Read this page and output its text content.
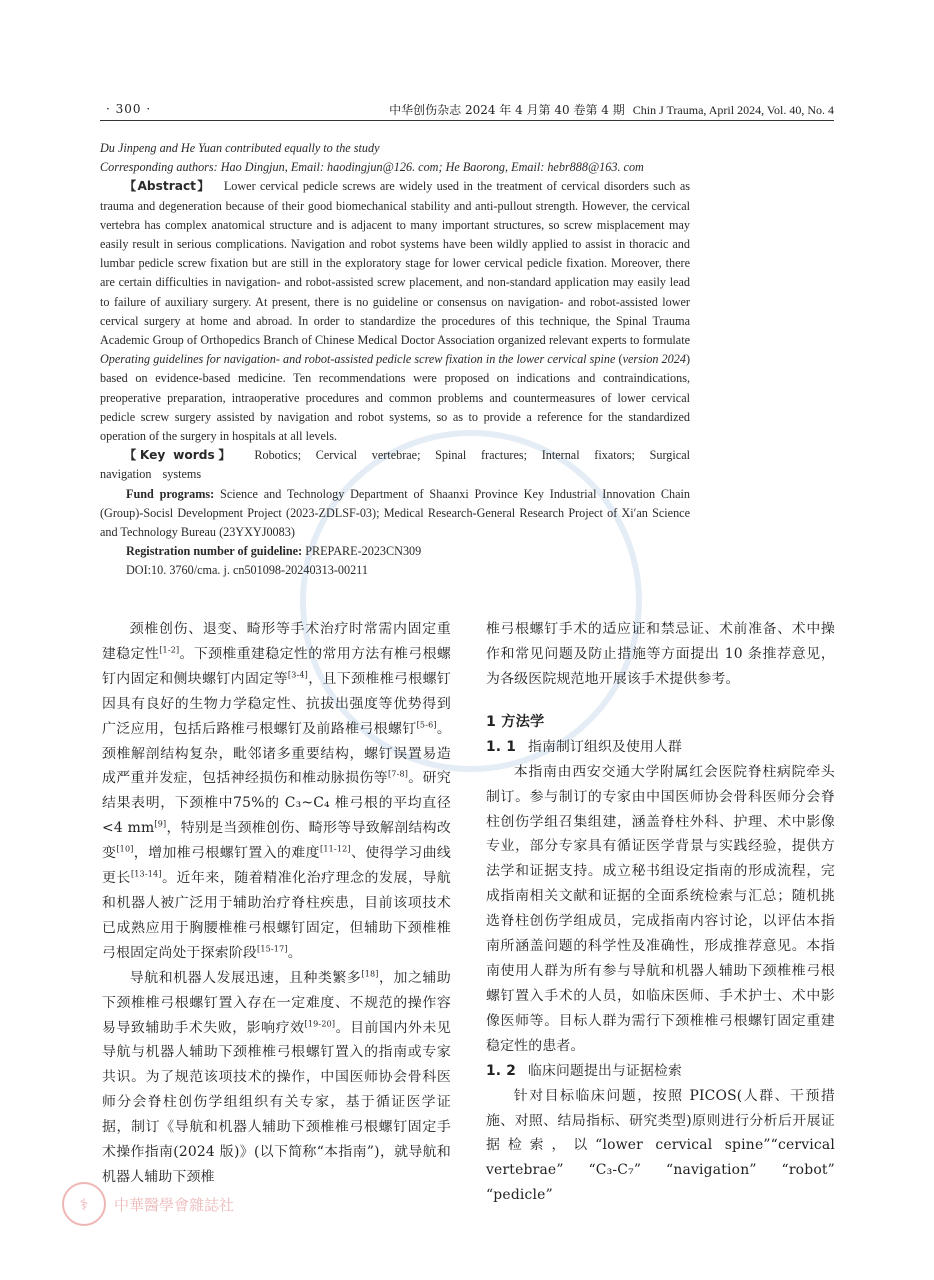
· 300 ·	中华创伤杂志 2024 年 4 月第 40 卷第 4 期 Chin J Trauma, April 2024, Vol. 40, No. 4

Du Jinpeng and He Yuan contributed equally to the study

Corresponding authors: Hao Dingjun, Email: haodingjun@126. com; He Baorong, Email: hebr888@163. com

【Abstract】 Lower cervical pedicle screws are widely used in the treatment of cervical disorders such as trauma and degeneration because of their good biomechanical stability and anti-pullout strength. However, the cervical vertebra has complex anatomical structure and is adjacent to many important structures, so screw misplacement may easily result in serious complications. Navigation and robot systems have been wildly applied to assist in thoracic and lumbar pedicle screw fixation but are still in the exploratory stage for lower cervical pedicle fixation. Moreover, there are certain difficulties in navigation- and robot-assisted screw placement, and non-standard application may easily lead to failure of auxiliary surgery. At present, there is no guideline or consensus on navigation- and robot-assisted lower cervical surgery at home and abroad. In order to standardize the procedures of this technique, the Spinal Trauma Academic Group of Orthopedics Branch of Chinese Medical Doctor Association organized relevant experts to formulate Operating guidelines for navigation- and robot-assisted pedicle screw fixation in the lower cervical spine (version 2024) based on evidence-based medicine. Ten recommendations were proposed on indications and contraindications, preoperative preparation, intraoperative procedures and common problems and countermeasures of lower cervical pedicle screw surgery assisted by navigation and robot systems, so as to provide a reference for the standardized operation of the surgery in hospitals at all levels.

【Key words】 Robotics; Cervical vertebrae; Spinal fractures; Internal fixators; Surgical navigation systems

Fund programs: Science and Technology Department of Shaanxi Province Key Industrial Innovation Chain (Group)-Socisl Development Project (2023-ZDLSF-03); Medical Research-General Research Project of Xi′an Science and Technology Bureau (23YXYJ0083)

Registration number of guideline: PREPARE-2023CN309

DOI:10. 3760/cma. j. cn501098-20240313-00211

颈椎创伤、退变、畸形等手术治疗时常需内固定重建稳定性[1-2]。下颈椎重建稳定性的常用方法有椎弓根螺钉内固定和侧块螺钉内固定等[3-4]，且下颈椎椎弓根螺钉因具有良好的生物力学稳定性、抗拔出强度等优势得到广泛应用，包括后路椎弓根螺钉及前路椎弓根螺钉[5-6]。颈椎解剖结构复杂，毗邻诸多重要结构，螺钉误置易造成严重并发症，包括神经损伤和椎动脉损伤等[7-8]。研究结果表明，下颈椎中75%的 C₃~C₄ 椎弓根的平均直径<4 mm[9]，特别是当颈椎创伤、畸形等导致解剖结构改变[10]，增加椎弓根螺钉置入的难度[11-12]、使得学习曲线更长[13-14]。近年来，随着精准化治疗理念的发展，导航和机器人被广泛用于辅助治疗脊柱疾患，目前该项技术已成熟应用于胸腰椎椎弓根螺钉固定，但辅助下颈椎椎弓根固定尚处于探索阶段[15-17]。

导航和机器人发展迅速，且种类繁多[18]，加之辅助下颈椎椎弓根螺钉置入存在一定难度、不规范的操作容易导致辅助手术失败，影响疗效[19-20]。目前国内外未见导航与机器人辅助下颈椎椎弓根螺钉置入的指南或专家共识。为了规范该项技术的操作，中国医师协会骨科医师分会脊柱创伤学组组织有关专家，基于循证医学证据，制订《导航和机器人辅助下颈椎椎弓根螺钉固定手术操作指南(2024 版)》(以下简称“本指南”)，就导航和机器人辅助下颈椎

椎弓根螺钉手术的适应证和禁忌证、术前准备、术中操作和常见问题及防止措施等方面提出 10 条推荐意见，为各级医院规范地开展该手术提供参考。

1 方法学

1. 1 指南制订组织及使用人群

本指南由西安交通大学附属红会医院脊柱病院牵头制订。参与制订的专家由中国医师协会骨科医师分会脊柱创伤学组召集组建，涵盖脊柱外科、护理、术中影像专业，部分专家具有循证医学背景与实践经验，提供方法学和证据支持。成立秘书组设定指南的形成流程，完成指南相关文献和证据的全面系统检索与汇总；随机挑选脊柱创伤学组成员，完成指南内容讨论，以评估本指南所涵盖问题的科学性及准确性，形成推荐意见。本指南使用人群为所有参与导航和机器人辅助下颈椎椎弓根螺钉置入手术的人员，如临床医师、手术护士、术中影像医师等。目标人群为需行下颈椎椎弓根螺钉固定重建稳定性的患者。

1. 2 临床问题提出与证据检索

针对目标临床问题，按照 PICOS(人群、干预措施、对照、结局指标、研究类型)原则进行分析后开展证据检索，以“lower cervical spine”“cervical vertebrae” “C₃-C₇” “navigation” “robot” “pedicle”

⚕	中華醫學會雜誌社
